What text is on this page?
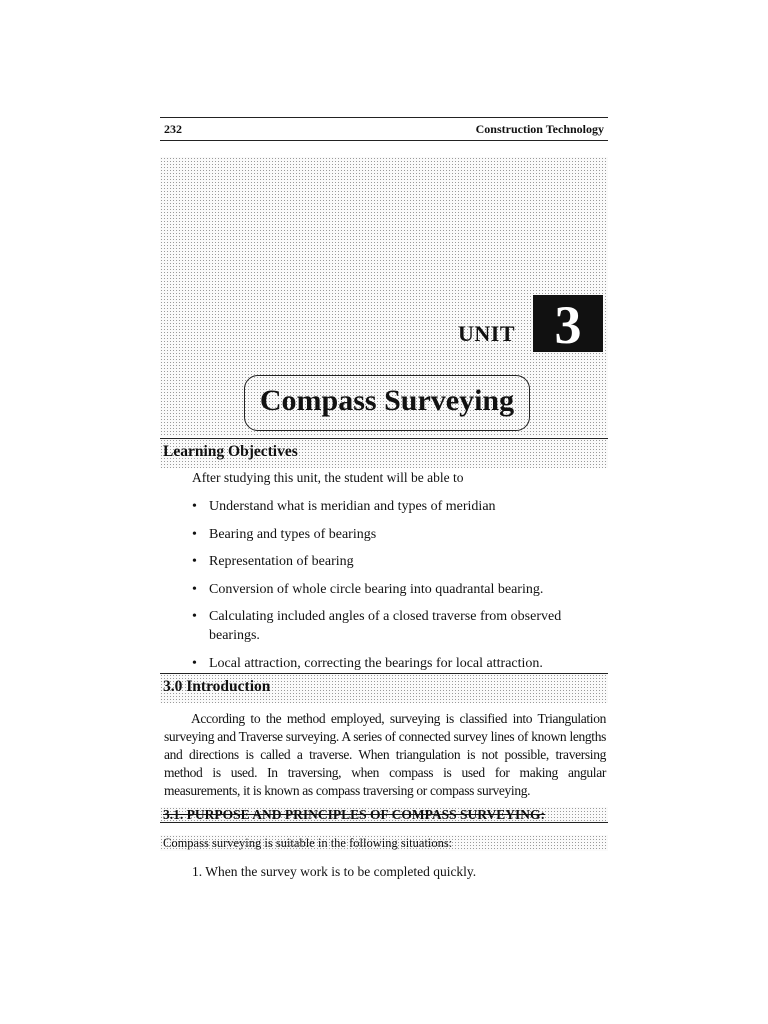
232	Construction Technology
UNIT 3
Compass Surveying
Learning Objectives
After studying this unit, the student will be able to
• Understand what is meridian and types of meridian
• Bearing and types of bearings
• Representation of bearing
• Conversion of whole circle bearing into quadrantal bearing.
• Calculating included angles of a closed traverse from observed bearings.
• Local attraction, correcting the bearings for local attraction.
3.0 Introduction

According to the method employed, surveying is classified into Triangulation surveying and Traverse surveying. A series of connected survey lines of known lengths and directions is called a traverse. When triangulation is not possible, traversing method is used. In traversing, when compass is used for making angular measurements, it is known as compass traversing or compass surveying.

3.1. PURPOSE AND PRINCIPLES OF COMPASS SURVEYING:
Compass surveying is suitable in the following situations:
1. When the survey work is to be completed quickly.
